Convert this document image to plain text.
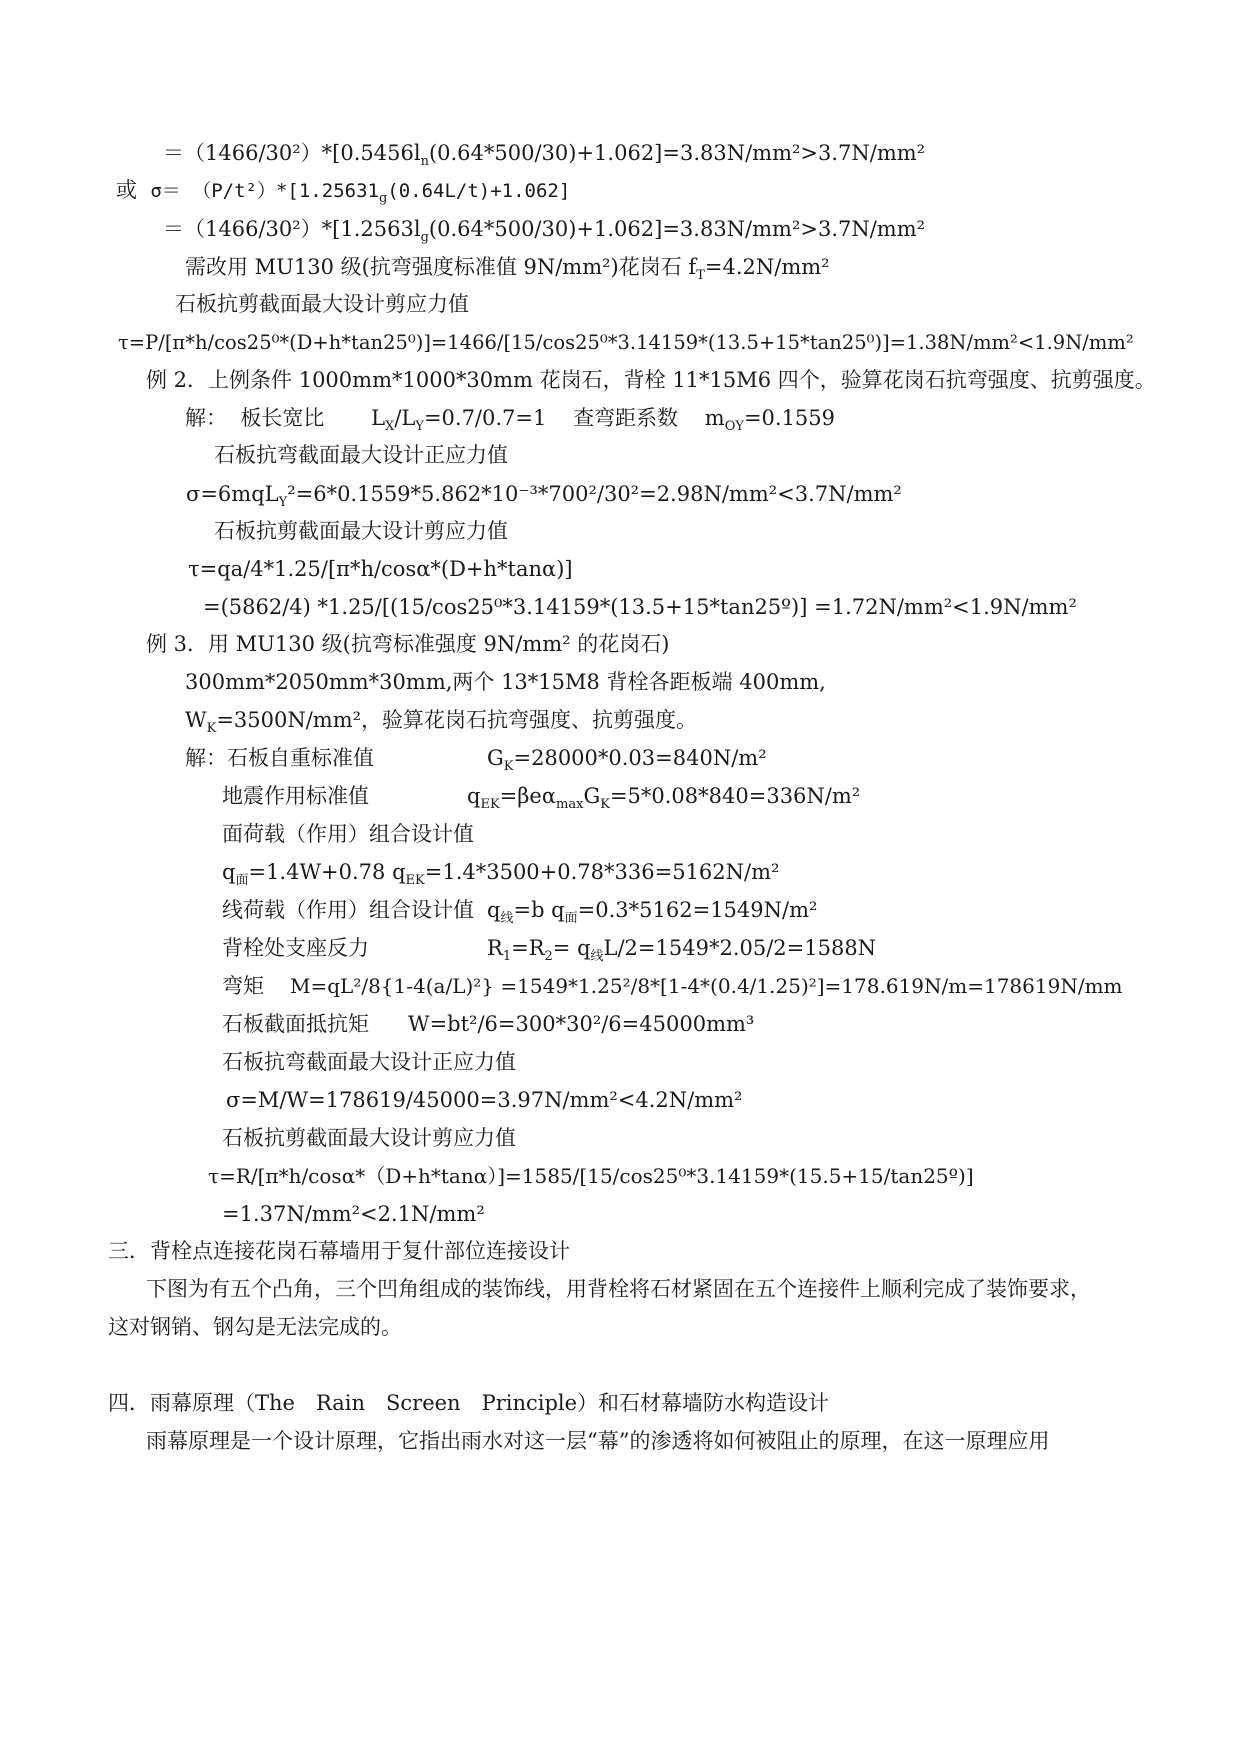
$=(1466/30^2)*[0.5456l_n(0.64*500/30)+1.062]=3.83N/mm^2>3.7N$/mm²
或 $\sigma= (P/t^2)*[1.25631_g(0.64L/t)+1.062]$
$=(1466/30^2)*[1.2563l_g(0.64*500/30)+1.062]=3.83N/mm^2>3.7N$/mm²
需改用 MU130 级(抗弯强度标准值 9N/mm²)花岗石 $f_T=4.2N$/mm²
石板抗剪截面最大设计剪应力值
τ=P/[π*h/cos25⁰*(D+h*tan25⁰)]=1466/[15/cos25⁰*3.14159*(13.5+15*tan25⁰)]=1.38N/mm²<1.9N/mm²
例 2．上例条件 1000mm*1000*30mm 花岗石，背栓 11*15M6 四个，验算花岗石抗弯强度、抗剪强度。
解： 板长宽比 $L_X/L_Y=0.7/0.7=1$ 查弯距系数 $m_{OY}=0.1559$
石板抗弯截面最大设计正应力值
σ=6mqL$_Y$²=6*0.1559*5.862*10⁻³*700²/30²=2.98N/mm²<3.7N/mm²
石板抗剪截面最大设计剪应力值
τ=qa/4*1.25/[π*h/cosα*(D+h*tanα)]
=(5862/4) *1.25/[(15/cos25⁰*3.14159*(13.5+15*tan25º)] =1.72N/mm²<1.9N/mm²
例 3．用 MU130 级(抗弯标准强度 9N/mm² 的花岗石)
300mm*2050mm*30mm,两个 13*15M8 背栓各距板端 400mm,
$W_K=3500N$/mm²，验算花岗石抗弯强度、抗剪强度。
解：石板自重标准值	$G_K=28000*0.03=840N/m^2$
地震作用标准值	$q_{EK}=\beta e\alpha_{max}G_K=5*0.08*840=336N/m^2$
面荷载（作用）组合设计值
$q_面=1.4W+0.78$ $q_{EK}=1.4*3500+0.78*336=5162N/m^2$
线荷载（作用）组合设计值 $q_线=b$ $q_面=0.3*5162=1549N/m^2$
背栓处支座反力	$R_1=R_2= q_线L/2=1549*2.05/2=1588N$
弯矩 M=qL²/8{1-4(a/L)²} =1549*1.25²/8*[1-4*(0.4/1.25)²]=178.619N/m=178619N/mm
石板截面抵抗矩 W=bt²/6=300*30²/6=45000mm³
石板抗弯截面最大设计正应力值
σ=M/W=178619/45000=3.97N/mm²<4.2N/mm²
石板抗剪截面最大设计剪应力值
τ=R/[π*h/cosα*（D+h*tanα）]=1585/[15/cos25⁰*3.14159*(15.5+15/tan25º)]
=1.37N/mm²<2.1N/mm²
三．背栓点连接花岗石幕墙用于复什部位连接设计
下图为有五个凸角，三个凹角组成的装饰线，用背栓将石材紧固在五个连接件上顺利完成了装饰要求，
这对钢销、钢勾是无法完成的。
四．雨幕原理（The　Rain　Screen　Principle）和石材幕墙防水构造设计
雨幕原理是一个设计原理，它指出雨水对这一层“幕”的渗透将如何被阻止的原理，在这一原理应用
